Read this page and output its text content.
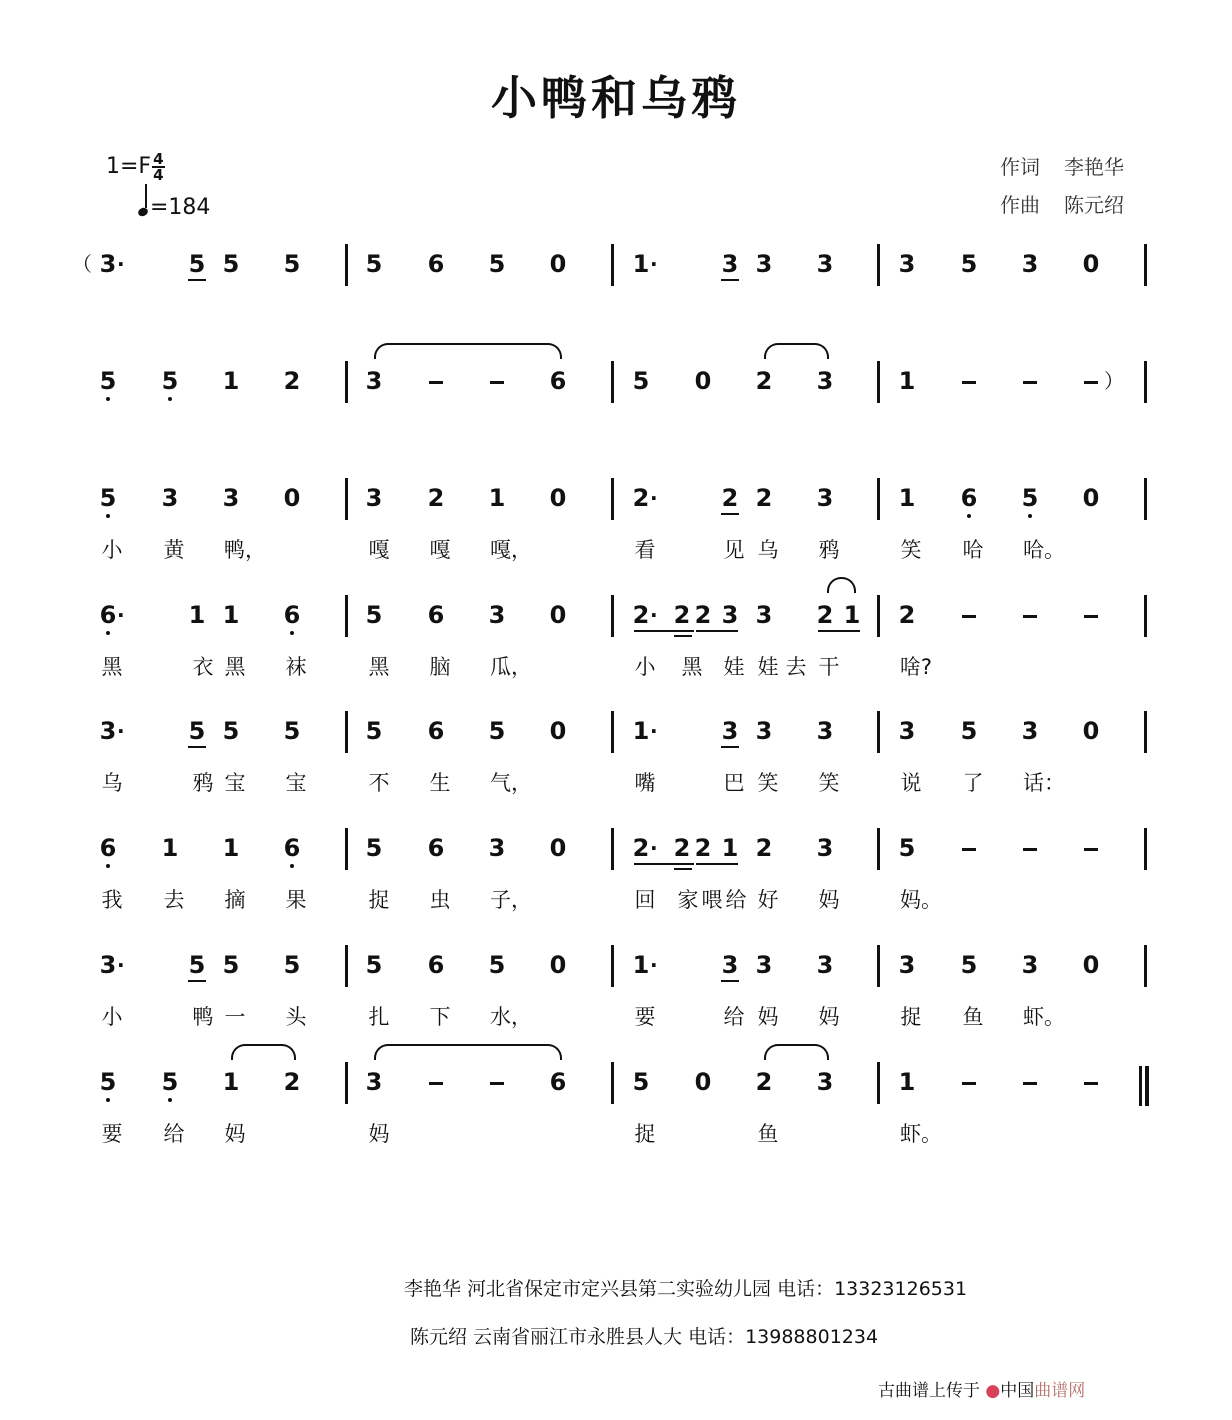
小鸭和乌鸦
$1=F \frac{4}{4}$
=184
作词 李艳华
作曲 陈元绍
（ 3 ·	5 5 5	5 6 5 0	1 ·	3 3 3	3 5 3 0
）
5 5 1 2	3	6	5 0 2 3	1
5 3 3 0	3 2 1 0	2 ·	2 2 3	1 6 5 0
小	黄	鸭，	嘎	嘎	嘎，	看	见 乌	鸦	笑	哈	哈。
6 ·	1 1 6	5 6 3 0	2 · 2 2 3 3 2 1 2
黑	衣 黑	袜	黑	脑	瓜，	小	黑	娃 娃 去 干	啥?
3 ·	5 5 5	5 6 5 0	1 ·	3 3 3	3 5 3 0
乌	鸦 宝	宝	不	生	气，	嘴	巴 笑	笑	说	了	话：
6 1 1 6	5 6 3 0	2 · 2 2 1 2 3	5
我	去	摘	果	捉	虫	子，	回	家 喂 给 好	妈	妈。
3 ·	5 5 5	5 6 5 0	1 ·	3 3 3	3 5 3 0
小	鸭 一	头	扎	下	水，	要	给 妈	妈	捉	鱼	虾。
5 5 1 2	3	6	5 0 2 3	1
要	给	妈	妈	捉	鱼	虾。
李艳华 河北省保定市定兴县第二实验幼儿园 电话：13323126531
陈元绍 云南省丽江市永胜县人大 电话：13988801234
古曲谱上传于 ●中国曲谱网
